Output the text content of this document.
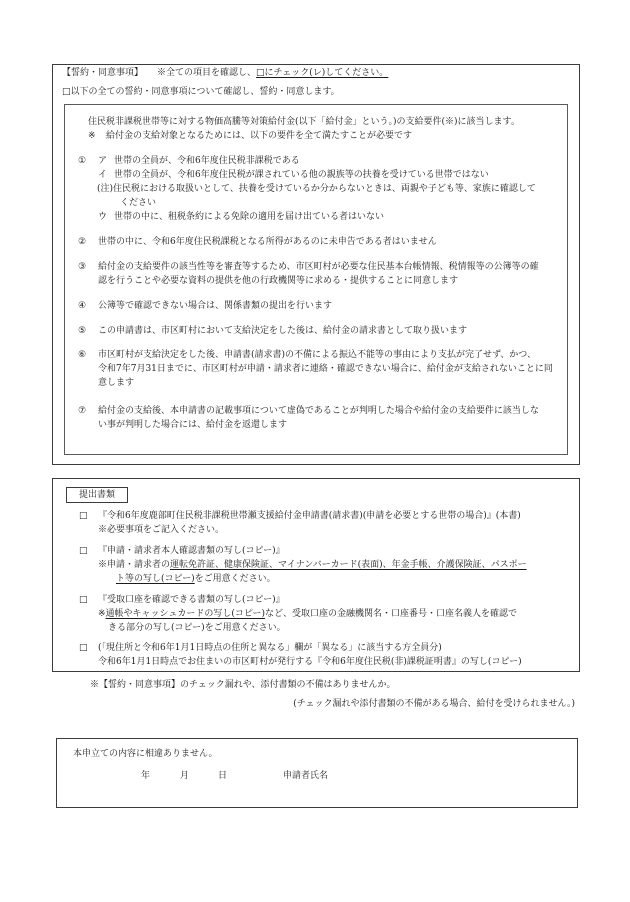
【誓約・同意事項】 ※全ての項目を確認し、 □にチェック(レ)してください。
□ 以下の全ての誓約・同意事項について確認し、誓約・同意します。
住民税非課税世帯等に対する物価高騰等対策給付金(以下「給付金」という。)の支給要件(※)に該当します。
※ 給付金の支給対象となるためには、以下の要件を全て満たすことが必要です
① ア 世帯の全員が、令和6年度住民税非課税である
イ 世帯の全員が、令和6年度住民税が課されている他の親族等の扶養を受けている世帯ではない
(注) 住民税における取扱いとして、扶養を受けているか分からないときは、両親や子ども等、家族に確認して
ください
ウ 世帯の中に、租税条約による免除の適用を届け出ている者はいない
② 世帯の中に、令和6年度住民税課税となる所得があるのに未申告である者はいません
③ 給付金の支給要件の該当性等を審査等するため、市区町村が必要な住民基本台帳情報、税情報等の公簿等の確
認を行うことや必要な資料の提供を他の行政機関等に求める・提供することに同意します
④ 公簿等で確認できない場合は、関係書類の提出を行います
⑤ この申請書は、市区町村において支給決定をした後は、給付金の請求書として取り扱います
⑥ 市区町村が支給決定をした後、申請書(請求書)の不備による振込不能等の事由により支払が完了せず、かつ、
令和7年7月31日までに、市区町村が申請・請求者に連絡・確認できない場合に、給付金が支給されないことに同
意します
⑦ 給付金の支給後、本申請書の記載事項について虚偽であることが判明した場合や給付金の支給要件に該当しな
い事が判明した場合には、給付金を返還します
提出書類
□ 『令和6年度鹿部町住民税非課税世帯瀬支援給付金申請書(請求書)(申請を必要とする世帯の場合)』(本書)
※必要事項をご記入ください。
□ 『申請・請求者本人確認書類の写し(コピー)』
※申請・請求者の 運転免許証、健康保険証、マイナンバーカード(表面)、年金手帳、介護保険証、パスポー
ト等の写し(コピー) をご用意ください。
□ 『受取口座を確認できる書類の写し(コピー)』
※ 通帳やキャッシュカードの写し(コピー) など、受取口座の金融機関名・口座番号・口座名義人を確認で
きる部分の写し(コピー)をご用意ください。
□ (「現住所と令和6年1月1日時点の住所と異なる」欄が「異なる」に該当する方全員分)
令和6年1月1日時点でお住まいの市区町村が発行する『令和6年度住民税(非)課税証明書』の写し(コピー)
※【誓約・同意事項】のチェック漏れや、添付書類の不備はありませんか。
(チェック漏れや添付書類の不備がある場合、給付を受けられません。)
本申立ての内容に相違ありません。
年	月	日	申請者氏名
